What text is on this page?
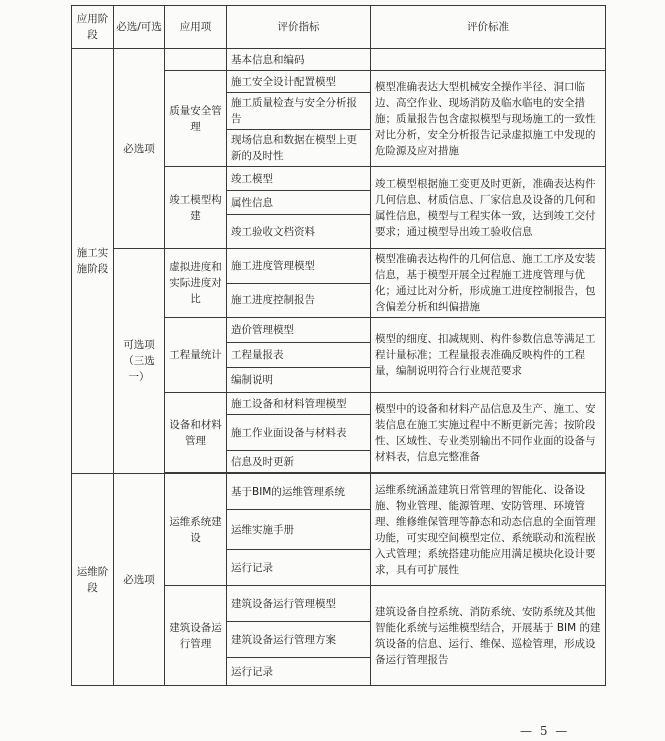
应用阶段	必选/可选	应用项	评价指标	评价标准
施工实施阶段	必选项		基本信息和编码	
		质量安全管理	施工安全设计配置模型	模型准确表达大型机械安全操作半径、洞口临边、高空作业、现场消防及临水临电的安全措施；质量报告包含虚拟模型与现场施工的一致性对比分析，安全分析报告记录虚拟施工中发现的危险源及应对措施
			施工质量检查与安全分析报告	
			现场信息和数据在模型上更新的及时性	
		竣工模型构建	竣工模型	竣工模型根据施工变更及时更新，准确表达构件几何信息、材质信息、厂家信息及设备的几何和属性信息，模型与工程实体一致，达到竣工交付要求；通过模型导出竣工验收信息
			属性信息	
			竣工验收文档资料	
	可选项（三选一）	虚拟进度和实际进度对比	施工进度管理模型	模型准确表达构件的几何信息、施工工序及安装信息，基于模型开展全过程施工进度管理与优化；通过比对分析，形成施工进度控制报告，包含偏差分析和纠偏措施
			施工进度控制报告	
		工程量统计	造价管理模型	模型的细度、扣减规则、构件参数信息等满足工程计量标准；工程量报表准确反映构件的工程量，编制说明符合行业规范要求
			工程量报表	
			编制说明	
		设备和材料管理	施工设备和材料管理模型	模型中的设备和材料产品信息及生产、施工、安装信息在施工实施过程中不断更新完善；按阶段性、区域性、专业类别输出不同作业面的设备与材料表，信息完整准备
			施工作业面设备与材料表	
			信息及时更新	

运维阶段	必选项	运维系统建设	基于BIM的运维管理系统	运维系统涵盖建筑日常管理的智能化、设备设施、物业管理、能源管理、安防管理、环境管理、维修维保管理等静态和动态信息的全面管理功能，可实现空间模型定位、系统联动和流程嵌入式管理；系统搭建功能应用满足模块化设计要求，具有可扩展性
			运维实施手册	
			运行记录	
		建筑设备运行管理	建筑设备运行管理模型	建筑设备自控系统、消防系统、安防系统及其他智能化系统与运维模型结合，开展基于 BIM 的建筑设备的信息、运行、维保、巡检管理，形成设备运行管理报告
			建筑设备运行管理方案	
			运行记录	
— 5 —
